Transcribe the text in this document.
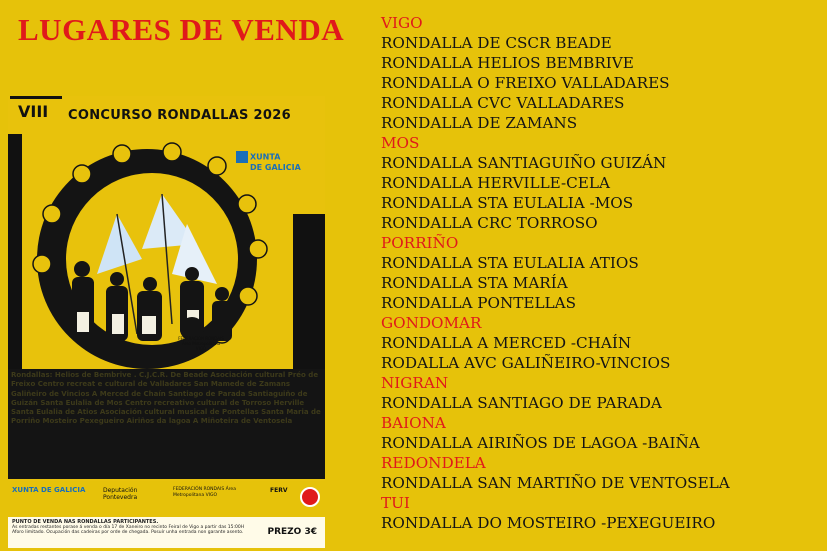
LUGARES DE VENDA
VIII CONCURSO RONDALLAS 2026
XUNTA
DE GALICIA
FEDERACIÓN RONDAIS
Área Metropolitana
VIGO
Rondallas: Helios de Bembrive . C.J.C.R. De Beade Asociación cultural Préo de Freixo Centro recreat e cultural de Valladares San Mamede de Zamans Galiñeiro de Vincios A Merced de Chaín Santiago de Parada Santiaguiño de Guizán Santa Eulalia de Mos Centro recreativo cultural de Torroso Herville Santa Eulalia de Atios Asociación cultural musical de Pontellas Santa Maria de Porriño Mosteiro Pexegueiro Airiños da lagoa A Miñoteira de Ventosela
XUNTA DE GALICIA	Deputación Pontevedra
FEDERACIÓN RONDAIS Área Metropolitana VIGO
FERV
PUNTO DE VENDA NAS RONDALLAS PARTICIPANTES.
As entradas restantes porase á venda o día 17 de Xaneiro no recinto Feiral de Vigo a partir das 15:00H Aforo limitado. Ocupación das cadeiras por orde de chegada. Posuír unha entrada non garante asento.	PREZO 3€
VIGO
RONDALLA DE CSCR BEADE
RONDALLA HELIOS BEMBRIVE
RONDALLA O FREIXO VALLADARES
RONDALLA CVC VALLADARES
RONDALLA DE ZAMANS
MOS
RONDALLA SANTIAGUIÑO GUIZÁN
RONDALLA HERVILLE-CELA
RONDALLA STA EULALIA -MOS
RONDALLA CRC TORROSO
PORRIÑO
RONDALLA STA EULALIA ATIOS
RONDALLA STA MARÍA
RONDALLA PONTELLAS
GONDOMAR
RONDALLA A MERCED -CHAÍN
RODALLA AVC GALIÑEIRO-VINCIOS
NIGRAN
RONDALLA SANTIAGO DE PARADA
BAIONA
RONDALLA AIRIÑOS DE LAGOA -BAIÑA
REDONDELA
RONDALLA SAN MARTIÑO DE VENTOSELA
TUI
RONDALLA DO MOSTEIRO -PEXEGUEIRO
